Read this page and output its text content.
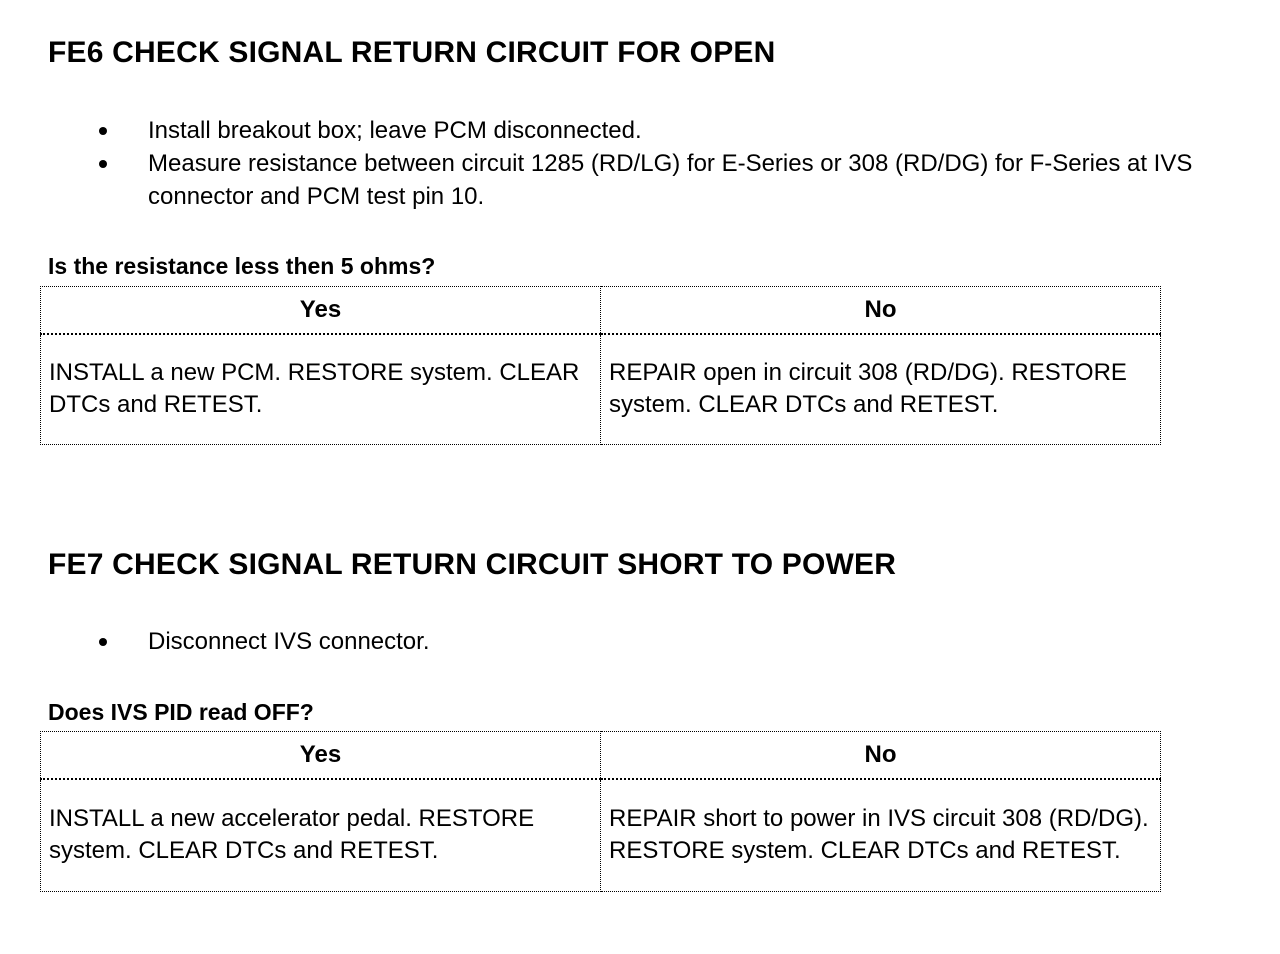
FE6 CHECK SIGNAL RETURN CIRCUIT FOR OPEN
Install breakout box; leave PCM disconnected.
Measure resistance between circuit 1285 (RD/LG) for E-Series or 308 (RD/DG) for F-Series at IVS connector and PCM test pin 10.

Is the resistance less then 5 ohms?

Yes	No
INSTALL a new PCM. RESTORE system. CLEAR DTCs and RETEST.	REPAIR open in circuit 308 (RD/DG). RESTORE system. CLEAR DTCs and RETEST.
FE7 CHECK SIGNAL RETURN CIRCUIT SHORT TO POWER
Disconnect IVS connector.

Does IVS PID read OFF?

Yes	No
INSTALL a new accelerator pedal. RESTORE system. CLEAR DTCs and RETEST.	REPAIR short to power in IVS circuit 308 (RD/DG). RESTORE system. CLEAR DTCs and RETEST.
